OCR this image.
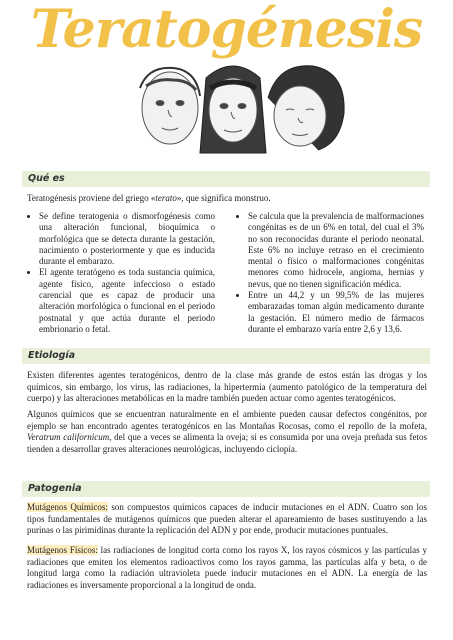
Teratogénesis
Qué es
Teratogénesis proviene del griego «terato», que significa monstruo.
• Se define teratogenia o dismorfogénesis como una alteración funcional, bioquímica o morfológica que se detecta durante la gestación, nacimiento o posteriormente y que es inducida durante el embarazo.
• El agente teratógeno es toda sustancia química, agente físico, agente infeccioso o estado carencial que es capaz de producir una alteración morfológica o funcional en el periodo postnatal y que actúa durante el periodo embrionario o fetal.
• Se calcula que la prevalencia de malformaciones congénitas es de un 6% en total, del cual el 3% no son reconocidas durante el periodo neonatal. Este 6% no incluye retraso en el crecimiento mental o físico o malformaciones congénitas menores como hidrocele, angioma, hernias y nevus, que no tienen significación médica.
• Entre un 44,2 y un 99,5% de las mujeres embarazadas toman algún medicamento durante la gestación. El número medio de fármacos durante el embarazo varía entre 2,6 y 13,6.
Etiología
Existen diferentes agentes teratogénicos, dentro de la clase más grande de estos están las drogas y los químicos, sin embargo, los virus, las radiaciones, la hipertermia (aumento patológico de la temperatura del cuerpo) y las alteraciones metabólicas en la madre también pueden actuar como agentes teratogénicos.
Algunos químicos que se encuentran naturalmente en el ambiente pueden causar defectos congénitos, por ejemplo se han encontrado agentes teratogénicos en las Montañas Rocosas, como el repollo de la mofeta, Veratrum californicum, del que a veces se alimenta la oveja; si es consumida por una oveja preñada sus fetos tienden a desarrollar graves alteraciones neurológicas, incluyendo ciclopía.
Patogenia
Mutágenos Químicos: son compuestos químicos capaces de inducir mutaciones en el ADN. Cuatro son los tipos fundamentales de mutágenos químicos que pueden alterar el apareamiento de bases sustituyendo a las purinas o las pirimidinas durante la replicación del ADN y por ende, producir mutaciones puntuales.
Mutágenos Físicos: las radiaciones de longitud corta como los rayos X, los rayos cósmicos y las partículas y radiaciones que emiten los elementos radioactivos como los rayos gamma, las partículas alfa y beta, o de longitud larga como la radiación ultravioleta puede inducir mutaciones en el ADN. La energía de las radiaciones es inversamente proporcional a la longitud de onda.
